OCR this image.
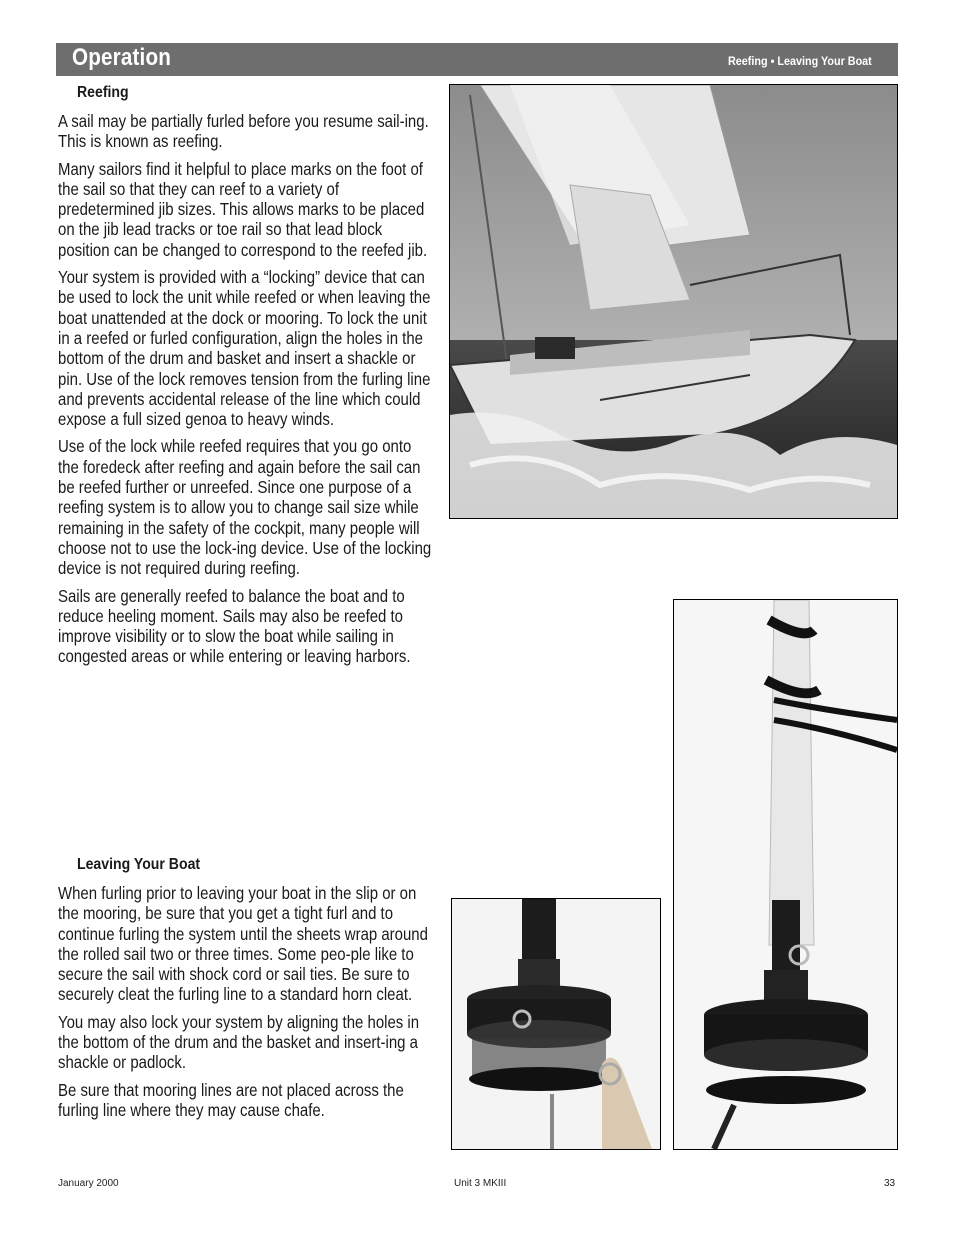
Operation	Reefing • Leaving Your Boat
Reefing

A sail may be partially furled before you resume sail-ing. This is known as reefing.

Many sailors find it helpful to place marks on the foot of the sail so that they can reef to a variety of predetermined jib sizes. This allows marks to be placed on the jib lead tracks or toe rail so that lead block position can be changed to correspond to the reefed jib.

Your system is provided with a “locking” device that can be used to lock the unit while reefed or when leaving the boat unattended at the dock or mooring. To lock the unit in a reefed or furled configuration, align the holes in the bottom of the drum and basket and insert a shackle or pin. Use of the lock removes tension from the furling line and prevents accidental release of the line which could expose a full sized genoa to heavy winds.

Use of the lock while reefed requires that you go onto the foredeck after reefing and again before the sail can be reefed further or unreefed. Since one purpose of a reefing system is to allow you to change sail size while remaining in the safety of the cockpit, many people will choose not to use the lock-ing device. Use of the locking device is not required during reefing.

Sails are generally reefed to balance the boat and to reduce heeling moment. Sails may also be reefed to improve visibility or to slow the boat while sailing in congested areas or while entering or leaving harbors.

Leaving Your Boat

When furling prior to leaving your boat in the slip or on the mooring, be sure that you get a tight furl and to continue furling the system until the sheets wrap around the rolled sail two or three times. Some peo-ple like to secure the sail with shock cord or sail ties. Be sure to securely cleat the furling line to a standard horn cleat.

You may also lock your system by aligning the holes in the bottom of the drum and the basket and insert-ing a shackle or padlock.

Be sure that mooring lines are not placed across the furling line where they may cause chafe.

January 2000	Unit 3 MKIII	33
